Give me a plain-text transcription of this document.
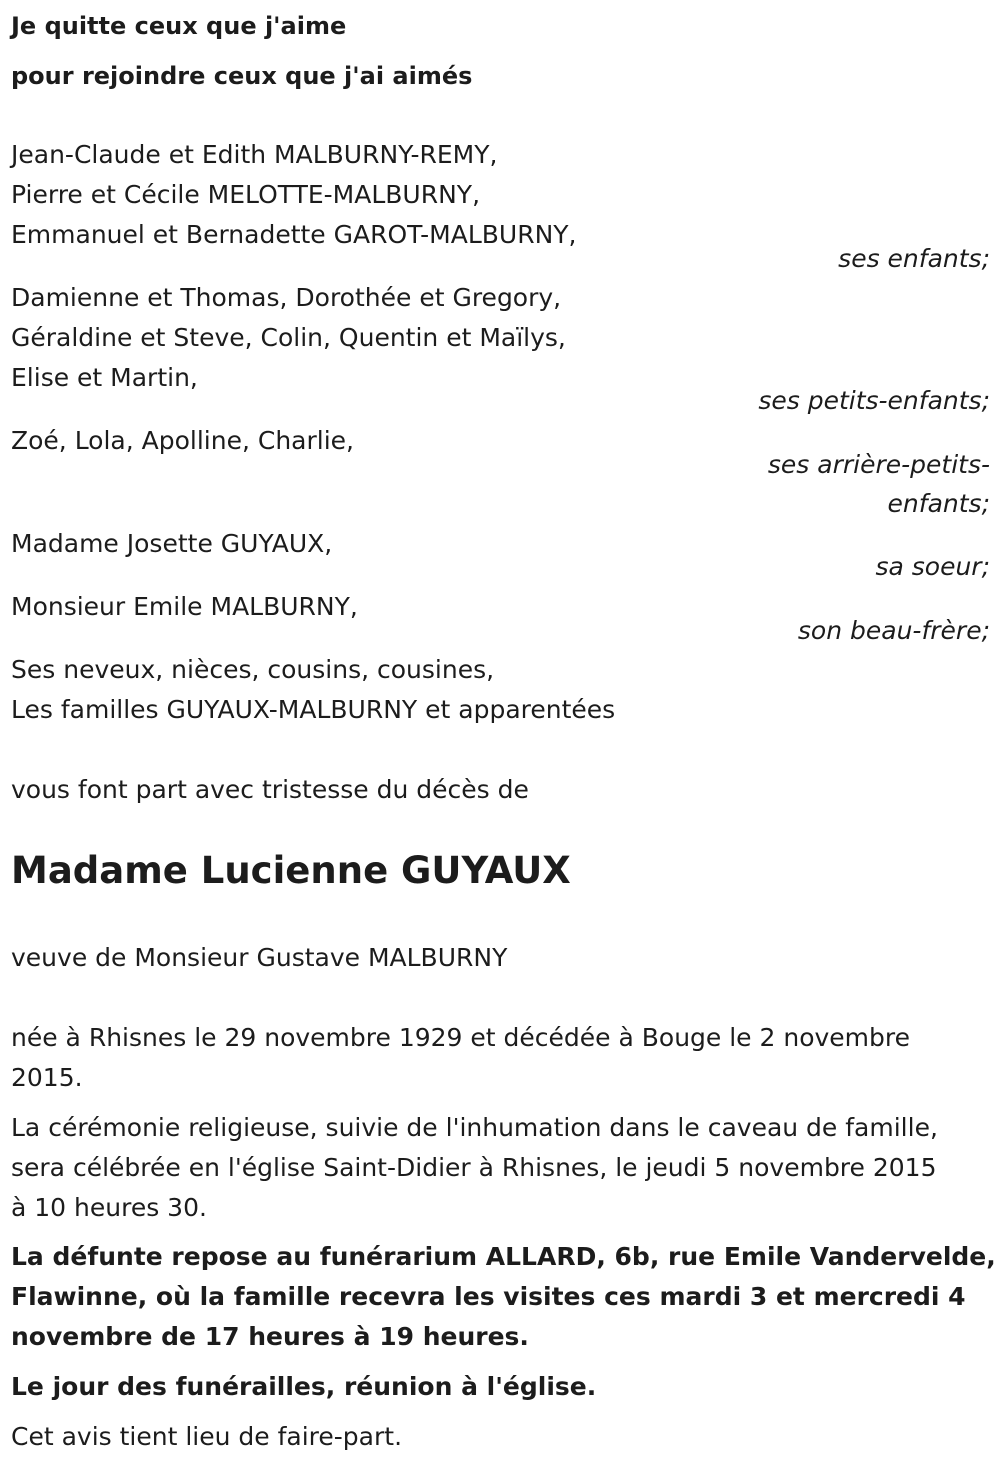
Je quitte ceux que j'aime
pour rejoindre ceux que j'ai aimés
Jean-Claude et Edith MALBURNY-REMY,
Pierre et Cécile MELOTTE-MALBURNY,
Emmanuel et Bernadette GAROT-MALBURNY,
ses enfants;
Damienne et Thomas, Dorothée et Gregory,
Géraldine et Steve, Colin, Quentin et Maïlys,
Elise et Martin,
ses petits-enfants;
Zoé, Lola, Apolline, Charlie,
ses arrière-petits-
enfants;
Madame Josette GUYAUX,
sa soeur;
Monsieur Emile MALBURNY,
son beau-frère;
Ses neveux, nièces, cousins, cousines,
Les familles GUYAUX-MALBURNY et apparentées
vous font part avec tristesse du décès de
Madame Lucienne GUYAUX
veuve de Monsieur Gustave MALBURNY
née à Rhisnes le 29 novembre 1929 et décédée à Bouge le 2 novembre
2015.
La cérémonie religieuse, suivie de l'inhumation dans le caveau de famille,
sera célébrée en l'église Saint-Didier à Rhisnes, le jeudi 5 novembre 2015
à 10 heures 30.
La défunte repose au funérarium ALLARD, 6b, rue Emile Vandervelde,
Flawinne, où la famille recevra les visites ces mardi 3 et mercredi 4
novembre de 17 heures à 19 heures.
Le jour des funérailles, réunion à l'église.
Cet avis tient lieu de faire-part.
